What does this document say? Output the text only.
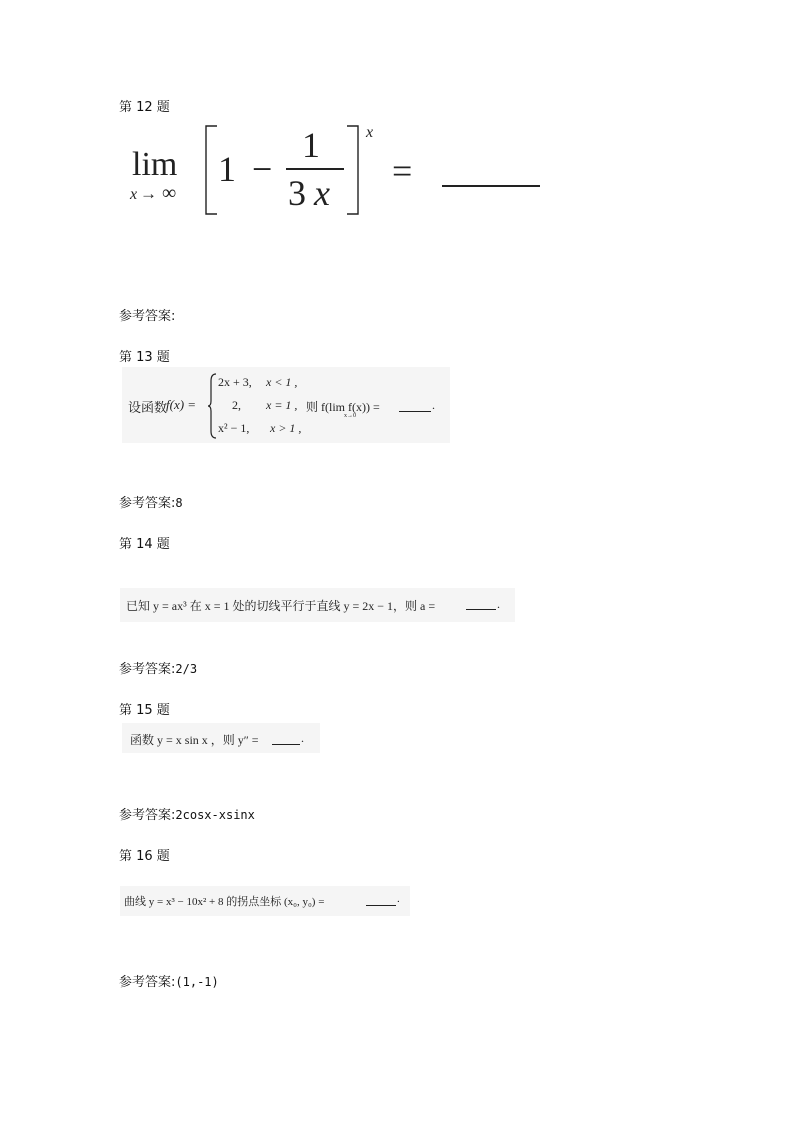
第 12 题
lim
x → ∞
1 −
1
3 x
x
=
参考答案:
第 13 题
设函数
f(x) =
2x + 3, x < 1 ,
2, x = 1 ,
x² − 1, x > 1 ,
则 f(lim f(x)) =
x→0
.
参考答案:8
第 14 题
已知 y = ax³ 在 x = 1 处的切线平行于直线 y = 2x − 1，则 a =	.
参考答案:2/3
第 15 题
函数 y = x sin x ，则 y″ =	.
参考答案:2cosx-xsinx
第 16 题
曲线 y = x³ − 10x² + 8 的拐点坐标 (x₀, y₀) =	.
参考答案:(1,-1)
